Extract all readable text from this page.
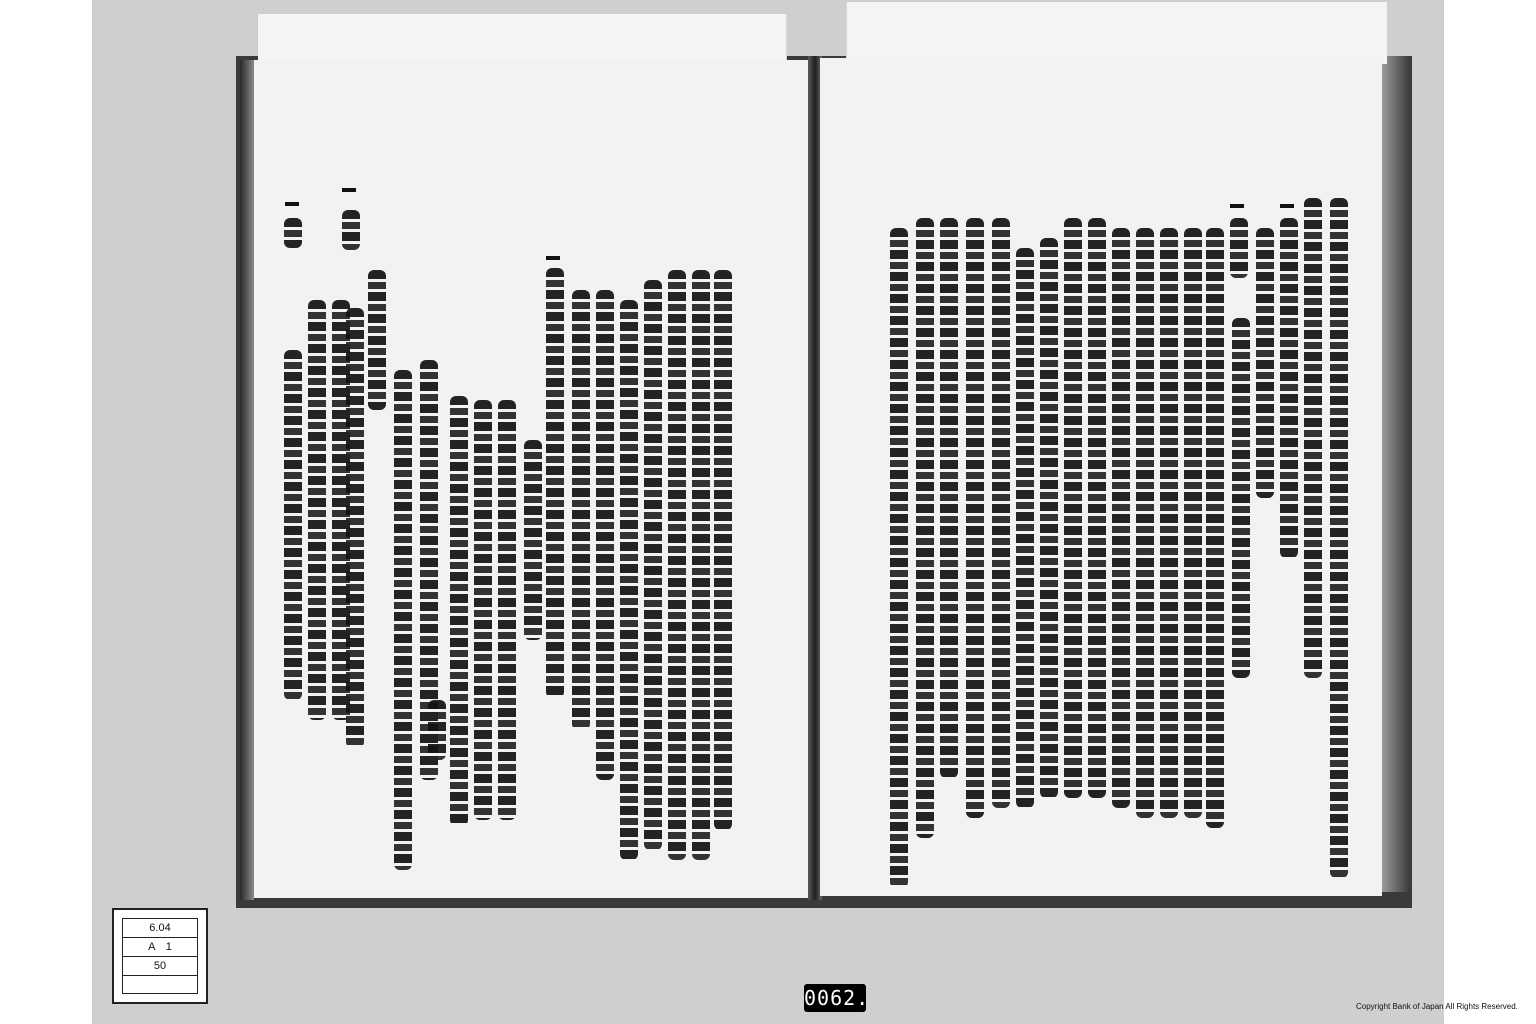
6.04
A　1
50
0062.	Copyright Bank of Japan All Rights Reserved.
